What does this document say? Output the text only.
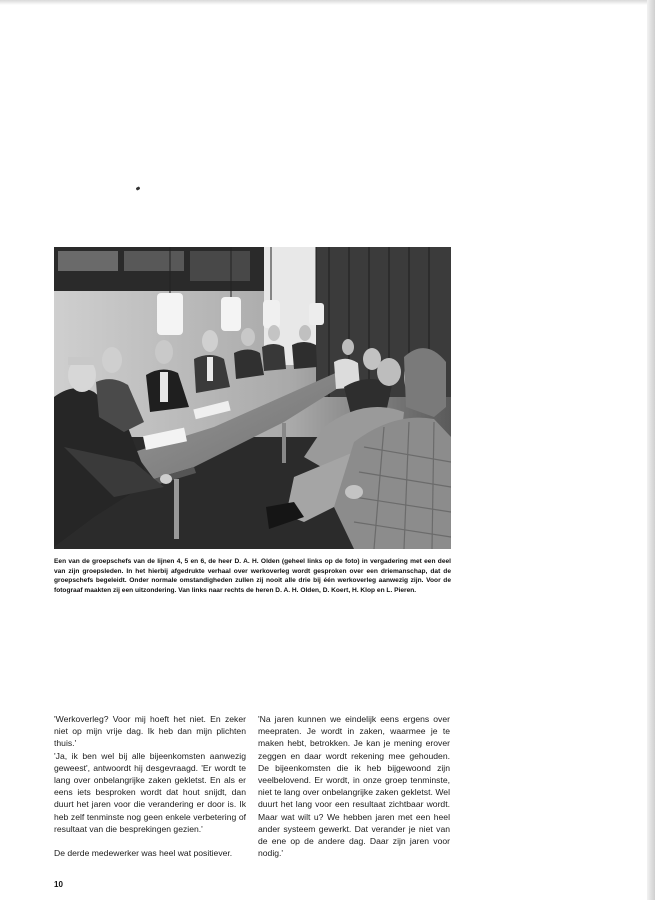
Een van de groepschefs van de lijnen 4, 5 en 6, de heer D. A. H. Olden (geheel links op de foto) in vergadering met een deel van zijn groepsleden. In het hierbij afgedrukte verhaal over werkoverleg wordt gesproken over een driemanschap, dat de groepschefs begeleidt. Onder normale omstandigheden zullen zij nooit alle drie bij één werkoverleg aanwezig zijn. Voor de fotograaf maakten zij een uitzondering. Van links naar rechts de heren D. A. H. Olden, D. Koert, H. Klop en L. Pieren.

'Werkoverleg? Voor mij hoeft het niet. En zeker niet op mijn vrije dag. Ik heb dan mijn plichten thuis.'

'Ja, ik ben wel bij alle bijeenkomsten aanwezig geweest', antwoordt hij desgevraagd. 'Er wordt te lang over onbelangrijke zaken gekletst. En als er eens iets besproken wordt dat hout snijdt, dan duurt het jaren voor die verandering er door is. Ik heb zelf tenminste nog geen enkele verbetering of resultaat van die besprekingen gezien.'

De derde medewerker was heel wat positiever.

'Na jaren kunnen we eindelijk eens ergens over meepraten. Je wordt in zaken, waarmee je te maken hebt, betrokken. Je kan je mening erover zeggen en daar wordt rekening mee gehouden. De bijeenkomsten die ik heb bijgewoond zijn veelbelovend. Er wordt, in onze groep tenminste, niet te lang over onbelangrijke zaken gekletst. Wel duurt het lang voor een resultaat zichtbaar wordt. Maar wat wilt u? We hebben jaren met een heel ander systeem gewerkt. Dat verander je niet van de ene op de andere dag. Daar zijn jaren voor nodig.'

10
